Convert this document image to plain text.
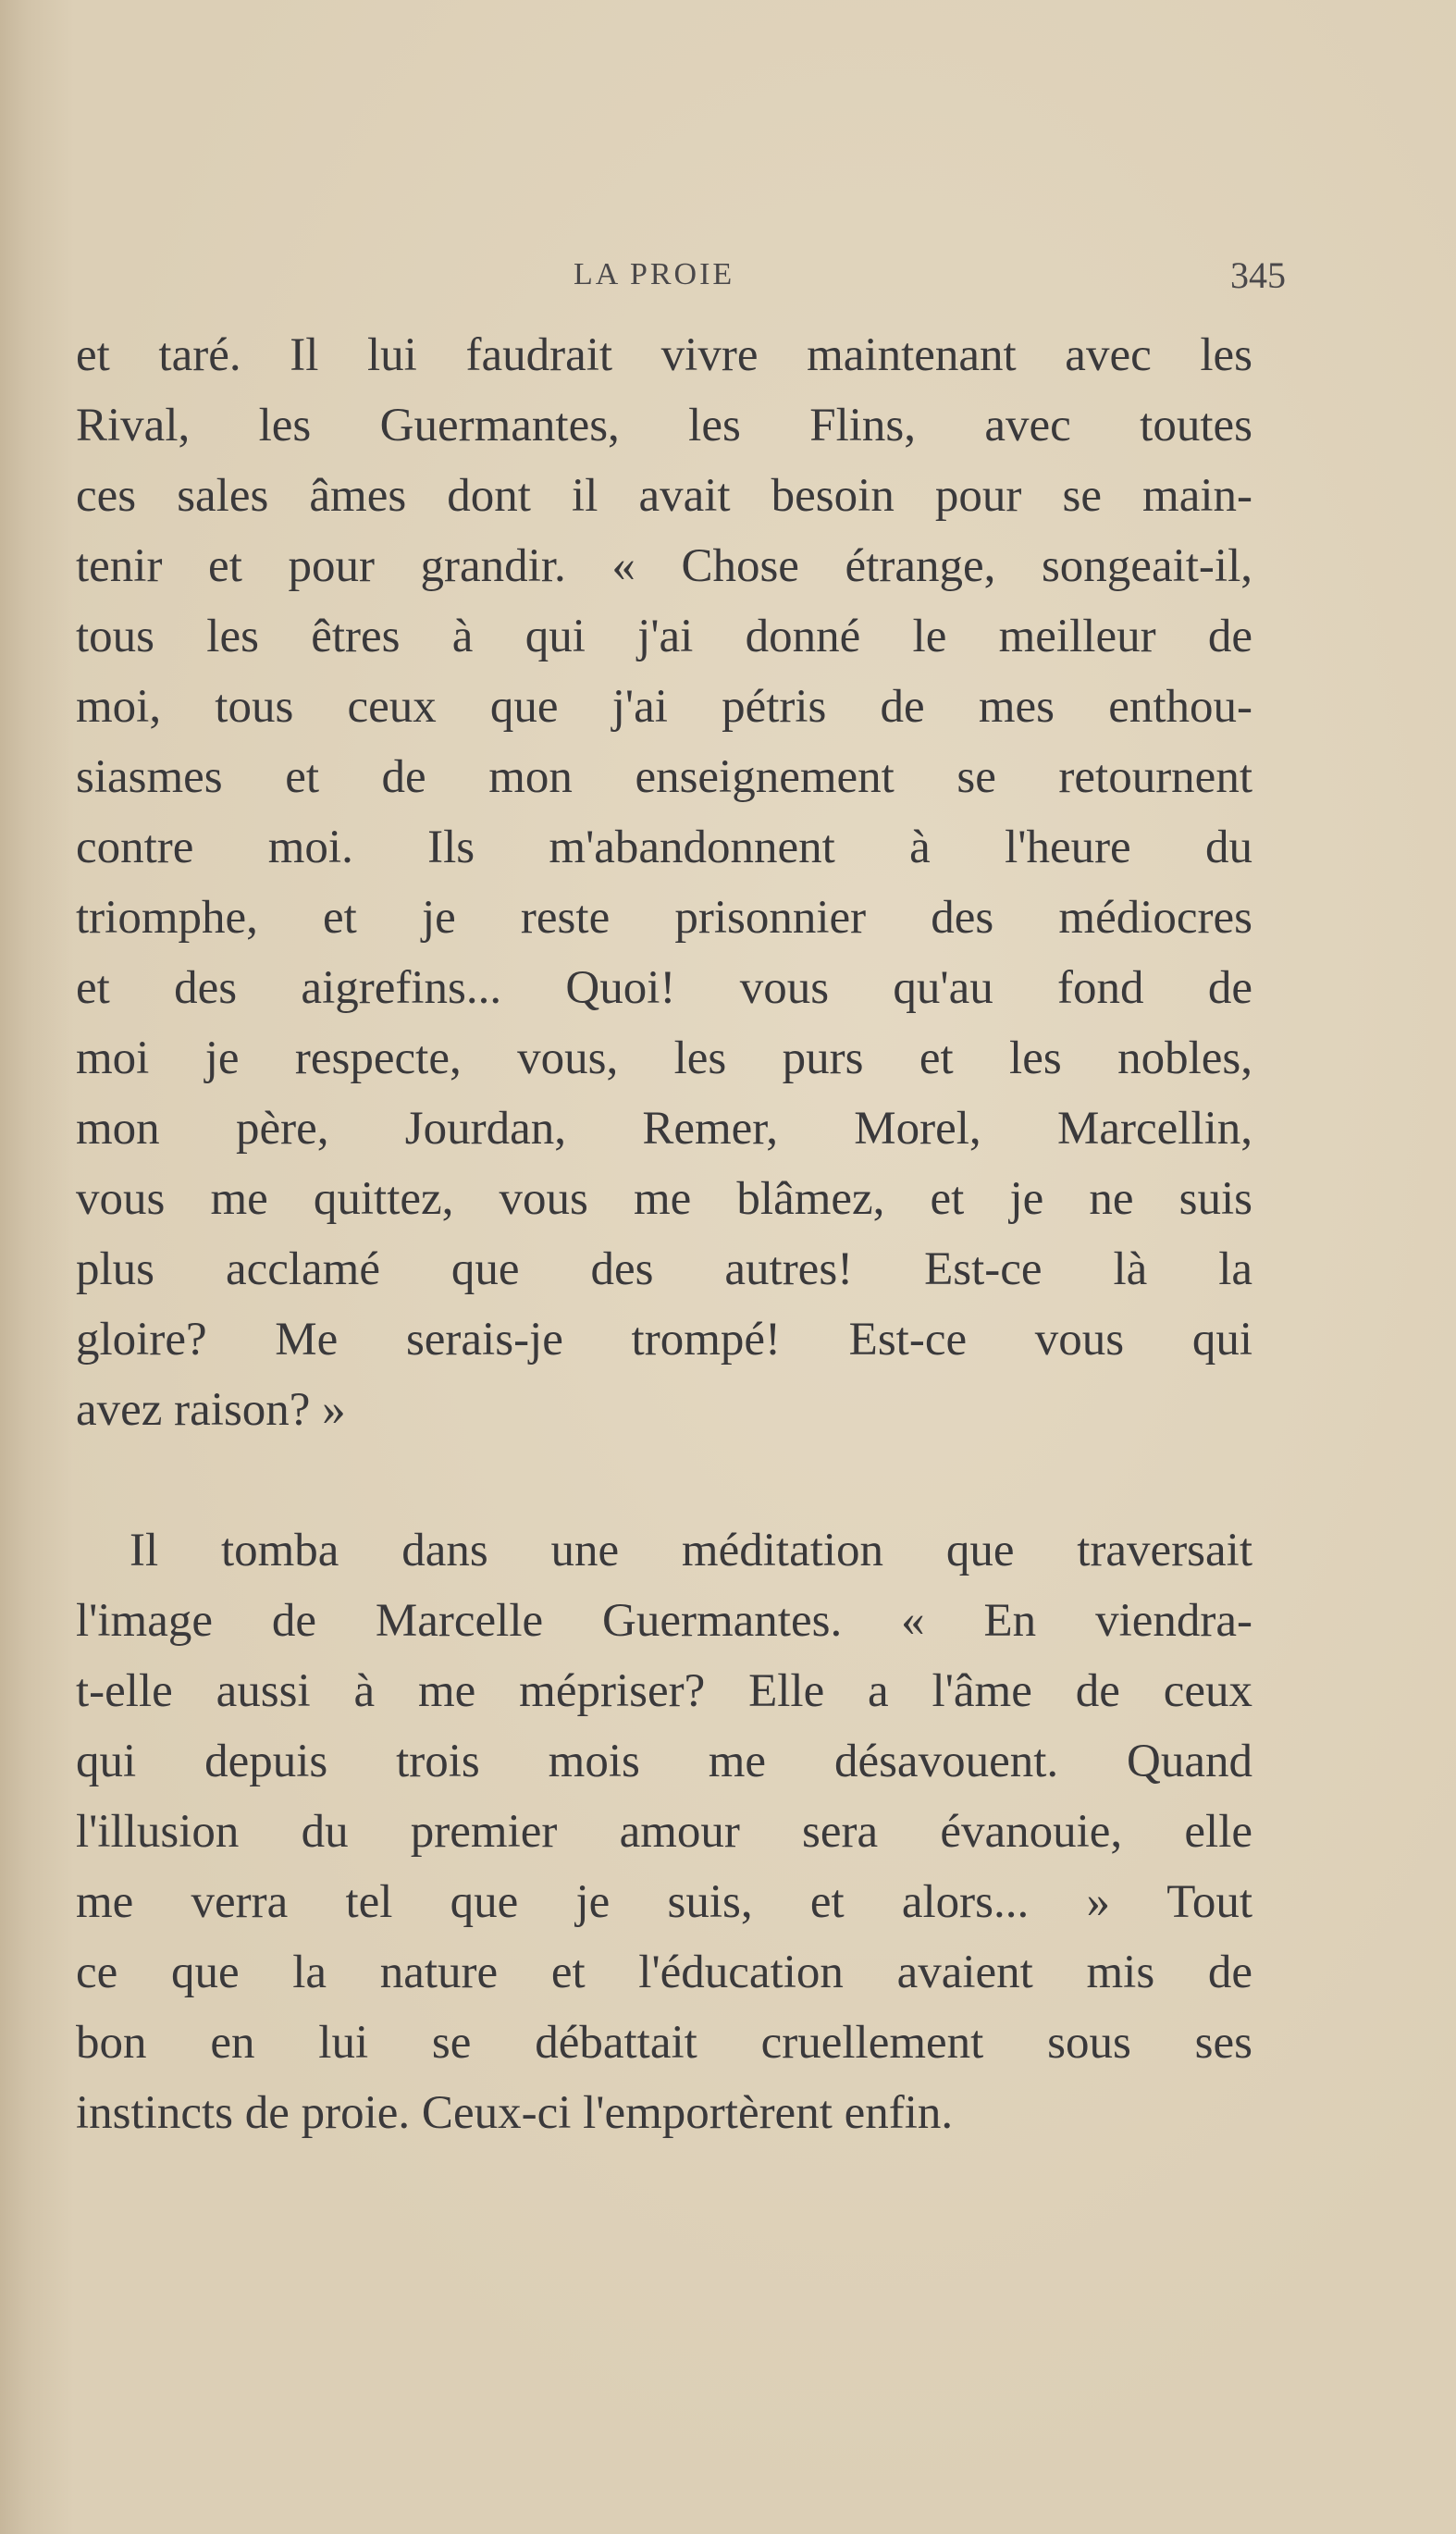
LA PROIE	345
et taré. Il lui faudrait vivre maintenant avec les
Rival, les Guermantes, les Flins, avec toutes
ces sales âmes dont il avait besoin pour se main-
tenir et pour grandir. « Chose étrange, songeait-il,
tous les êtres à qui j'ai donné le meilleur de
moi, tous ceux que j'ai pétris de mes enthou-
siasmes et de mon enseignement se retournent
contre moi. Ils m'abandonnent à l'heure du
triomphe, et je reste prisonnier des médiocres
et des aigrefins... Quoi! vous qu'au fond de
moi je respecte, vous, les purs et les nobles,
mon père, Jourdan, Remer, Morel, Marcellin,
vous me quittez, vous me blâmez, et je ne suis
plus acclamé que des autres! Est-ce là la
gloire? Me serais-je trompé! Est-ce vous qui
avez raison? »
Il tomba dans une méditation que traversait
l'image de Marcelle Guermantes. « En viendra-
t-elle aussi à me mépriser? Elle a l'âme de ceux
qui depuis trois mois me désavouent. Quand
l'illusion du premier amour sera évanouie, elle
me verra tel que je suis, et alors... » Tout
ce que la nature et l'éducation avaient mis de
bon en lui se débattait cruellement sous ses
instincts de proie. Ceux-ci l'emportèrent enfin.
